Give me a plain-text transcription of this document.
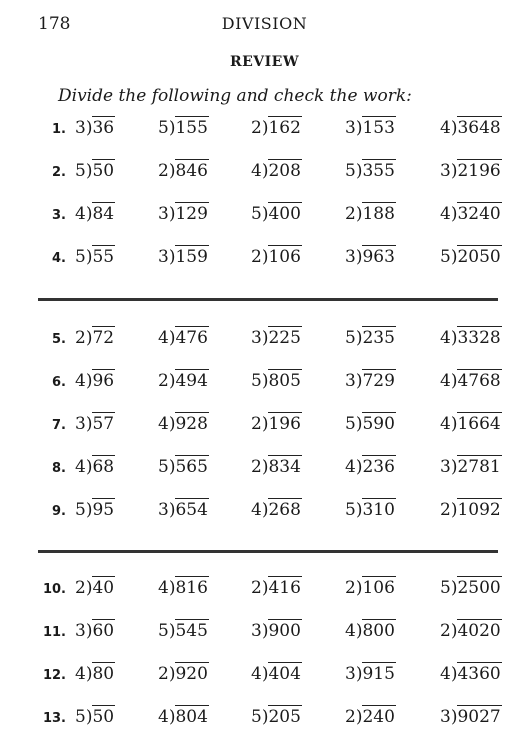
178	DIVISION
REVIEW
Divide the following and check the work:
1. 3)36	5)155	2)162	3)153	4)3648
2. 5)50	2)846	4)208	5)355	3)2196
3. 4)84	3)129	5)400	2)188	4)3240
4. 5)55	3)159	2)106	3)963	5)2050
5. 2)72	4)476	3)225	5)235	4)3328
6. 4)96	2)494	5)805	3)729	4)4768
7. 3)57	4)928	2)196	5)590	4)1664
8. 4)68	5)565	2)834	4)236	3)2781
9. 5)95	3)654	4)268	5)310	2)1092
10. 2)40	4)816	2)416	2)106	5)2500
11. 3)60	5)545	3)900	4)800	2)4020
12. 4)80	2)920	4)404	3)915	4)4360
13. 5)50	4)804	5)205	2)240	3)9027
